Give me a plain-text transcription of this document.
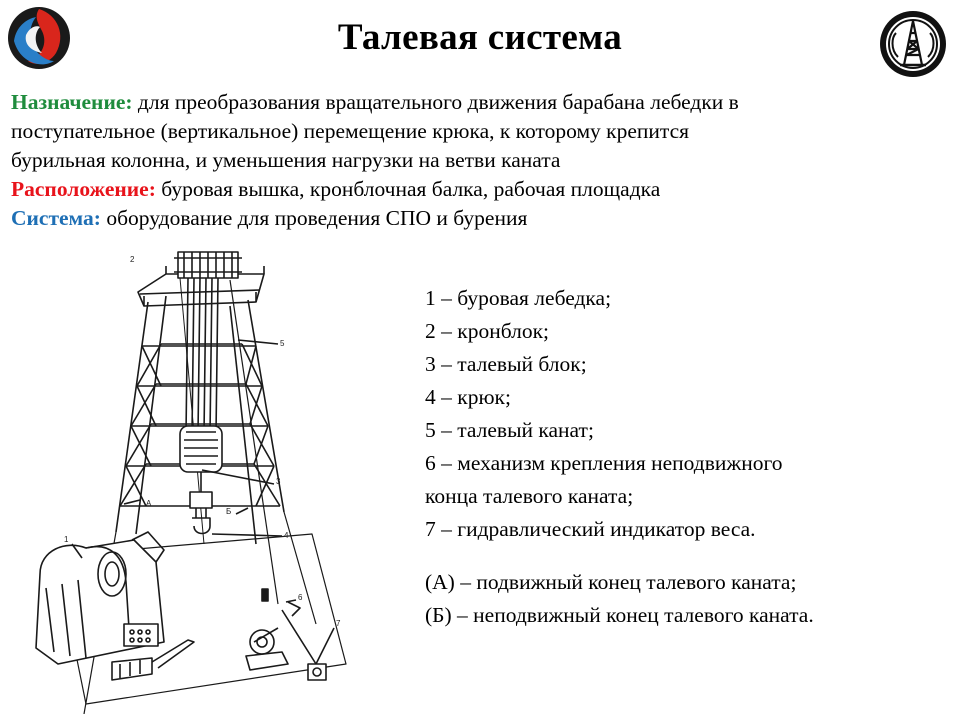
Талевая система

Назначение: для преобразования вращательного движения барабана лебедки в

поступательное (вертикальное) перемещение крюка, к которому крепится

бурильная колонна, и уменьшения нагрузки на ветви каната

Расположение: буровая вышка, кронблочная балка, рабочая площадка

Система: оборудование для проведения СПО и бурения

1 – буровая лебедка;
2 – кронблок;
3 – талевый блок;
4 – крюк;
5 – талевый канат;
6 – механизм крепления неподвижного
конца талевого каната;
7 – гидравлический индикатор веса.
(А) – подвижный конец талевого каната;
(Б) – неподвижный конец талевого каната.
5
3
4
2
1
7
6
А
Б
